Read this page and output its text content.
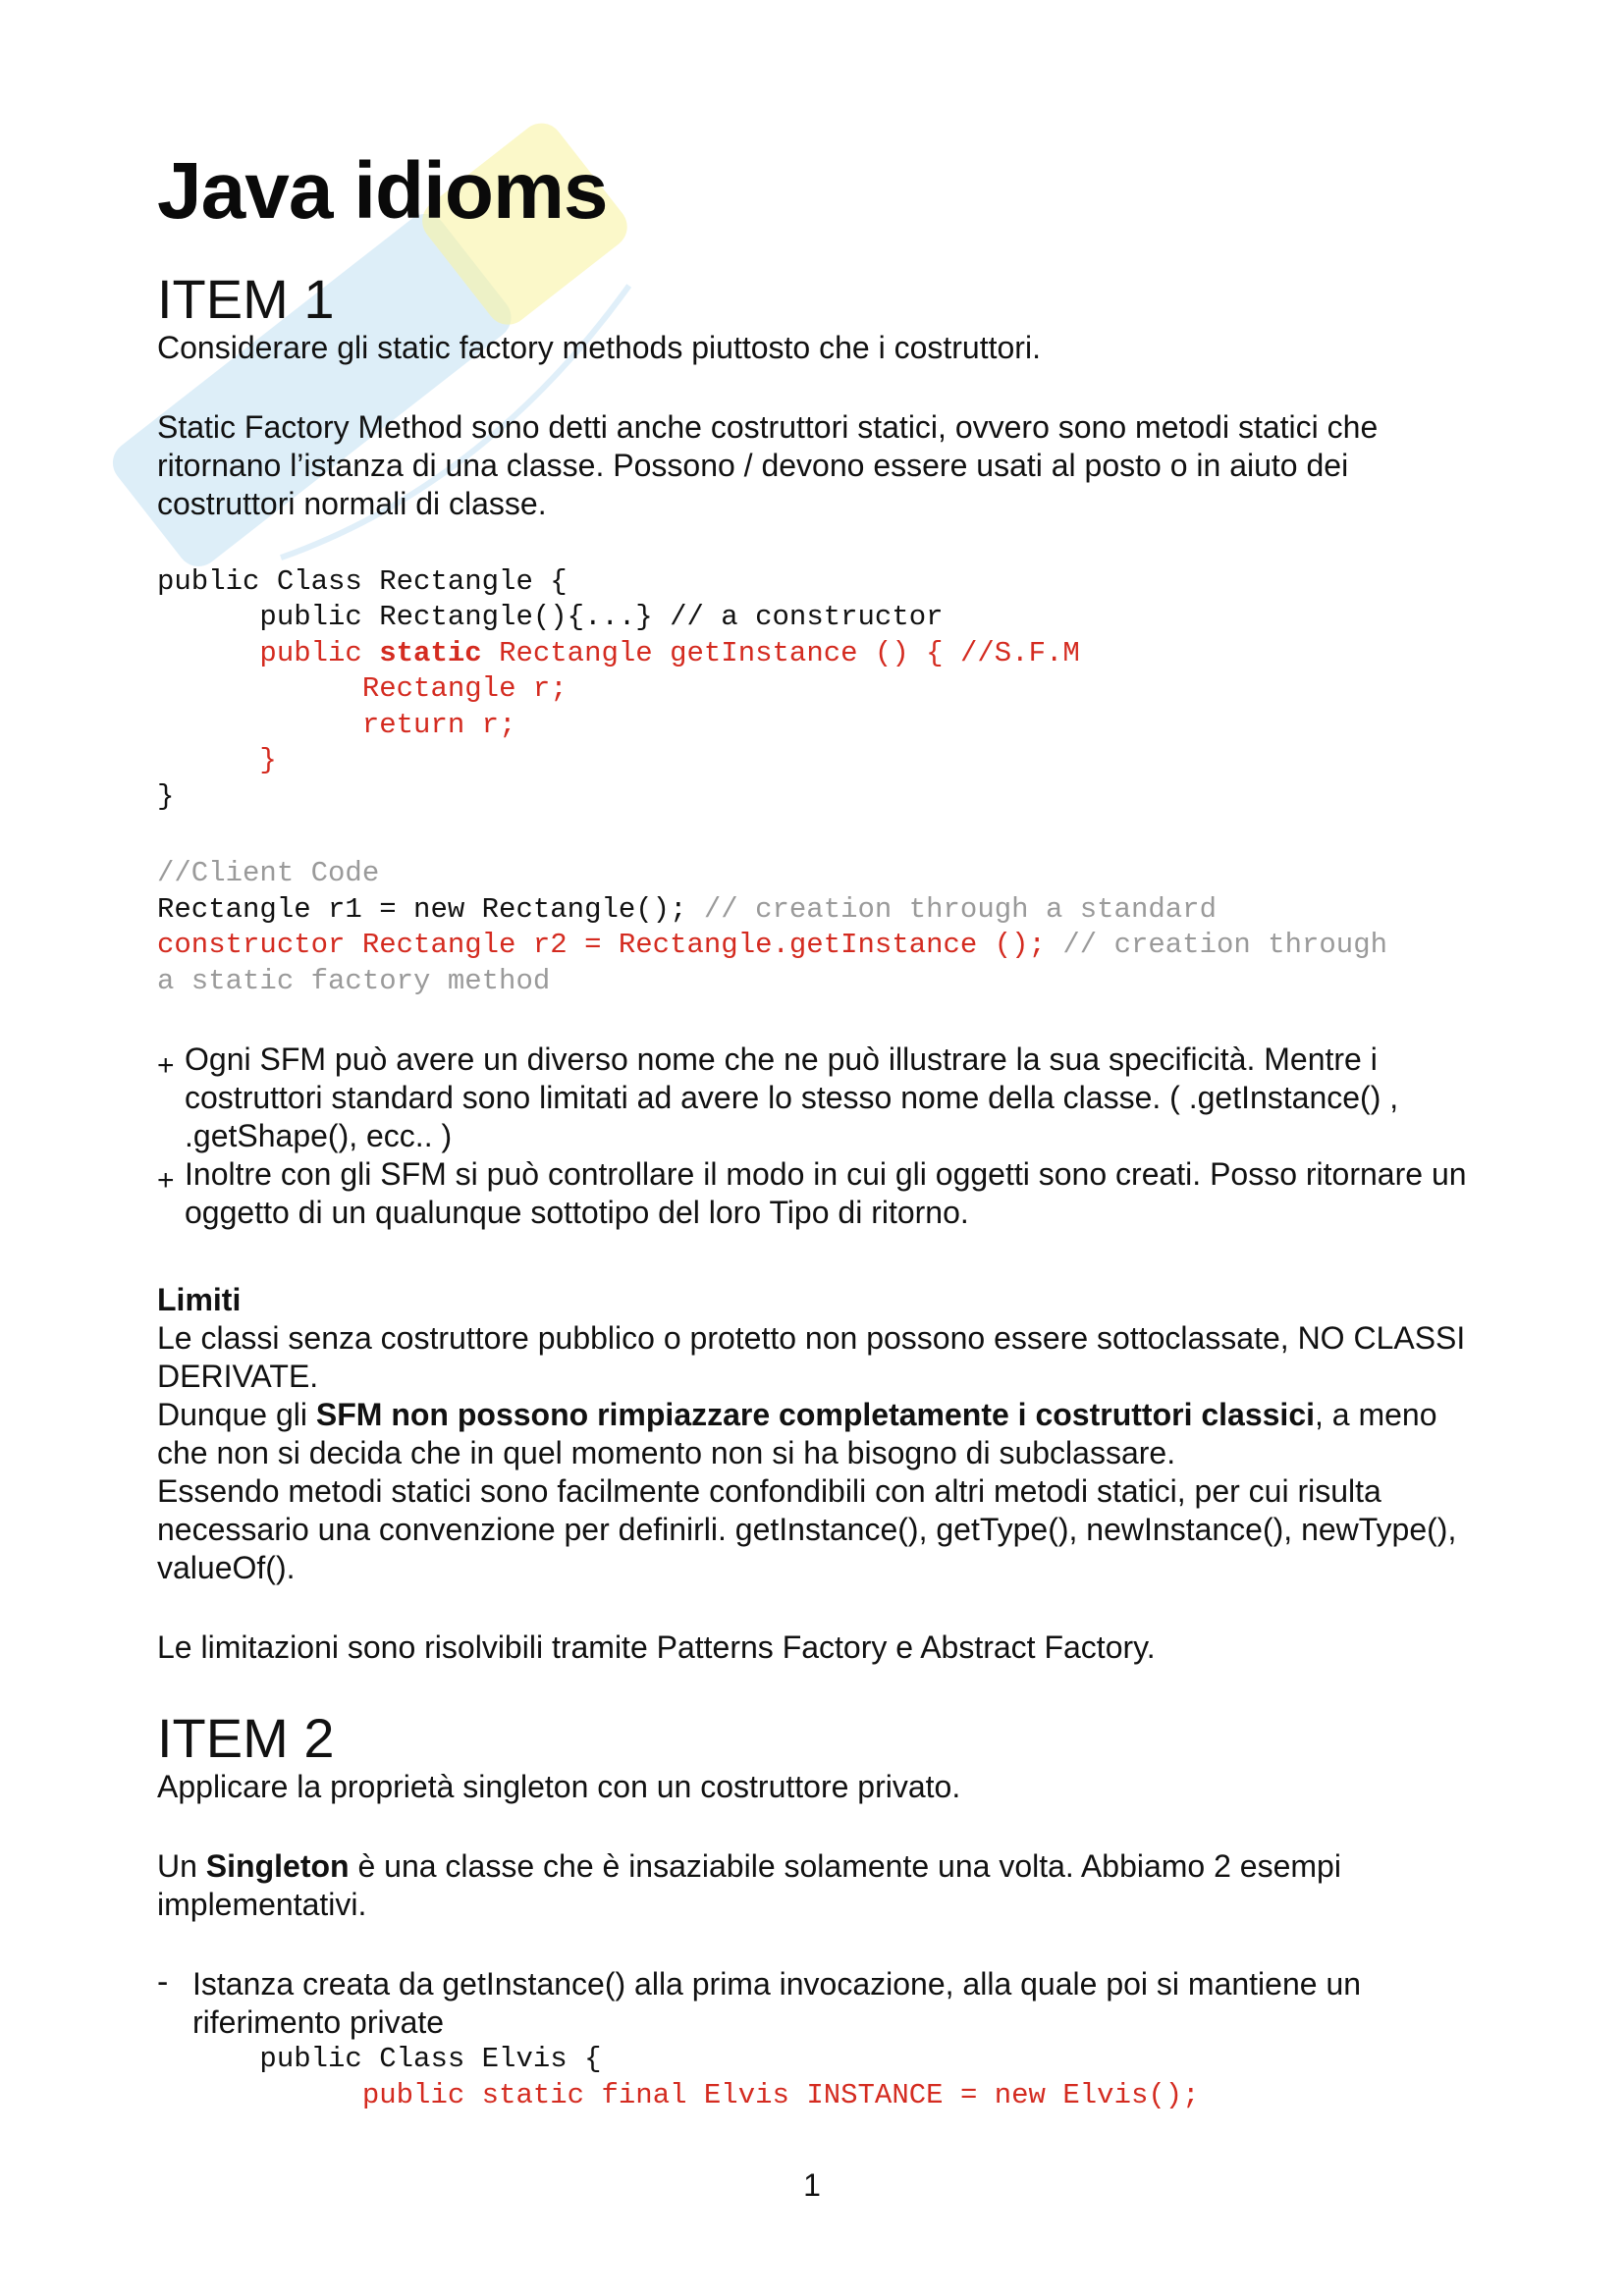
Java idioms
ITEM 1

Considerare gli static factory methods piuttosto che i costruttori.

Static Factory Method sono detti anche costruttori statici, ovvero sono metodi statici che ritornano l’istanza di una classe. Possono / devono essere usati al posto o in aiuto dei costruttori normali di classe.

public Class Rectangle {
public Rectangle(){...} // a constructor
public static Rectangle getInstance () { //S.F.M
Rectangle r;
return r;
}
}
//Client Code
Rectangle r1 = new Rectangle(); // creation through a standard
constructor Rectangle r2 = Rectangle.getInstance (); // creation through
a static factory method
+ Ogni SFM può avere un diverso nome che ne può illustrare la sua specificità. Mentre i costruttori standard sono limitati ad avere lo stesso nome della classe. ( .getInstance() , .getShape(), ecc.. )
+ Inoltre con gli SFM si può controllare il modo in cui gli oggetti sono creati. Posso ritornare un oggetto di un qualunque sottotipo del loro Tipo di ritorno.

Limiti

Le classi senza costruttore pubblico o protetto non possono essere sottoclassate, NO CLASSI DERIVATE.

Dunque gli SFM non possono rimpiazzare completamente i costruttori classici, a meno che non si decida che in quel momento non si ha bisogno di subclassare.

Essendo metodi statici sono facilmente confondibili con altri metodi statici, per cui risulta necessario una convenzione per definirli. getInstance(), getType(), newInstance(), newType(), valueOf().

Le limitazioni sono risolvibili tramite Patterns Factory e Abstract Factory.

ITEM 2

Applicare la proprietà singleton con un costruttore privato.

Un Singleton è una classe che è insaziabile solamente una volta. Abbiamo 2 esempi implementativi.

- Istanza creata da getInstance() alla prima invocazione, alla quale poi si mantiene un riferimento private
public Class Elvis {
public static final Elvis INSTANCE = new Elvis();
1
